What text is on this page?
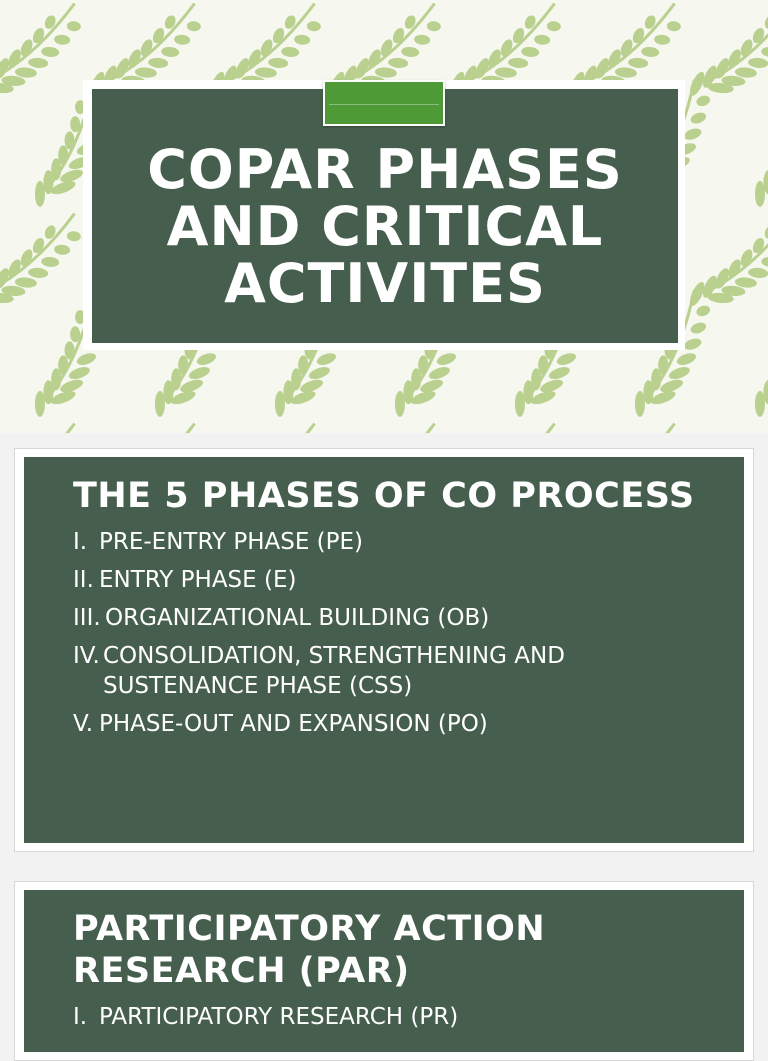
COPAR PHASES
AND CRITICAL
ACTIVITES
THE 5 PHASES OF CO PROCESS
I. PRE-ENTRY PHASE (PE)
II. ENTRY PHASE (E)
III. ORGANIZATIONAL BUILDING (OB)
IV. CONSOLIDATION, STRENGTHENING AND SUSTENANCE PHASE (CSS)
V. PHASE-OUT AND EXPANSION (PO)
PARTICIPATORY ACTION RESEARCH (PAR)
I. PARTICIPATORY RESEARCH (PR)
